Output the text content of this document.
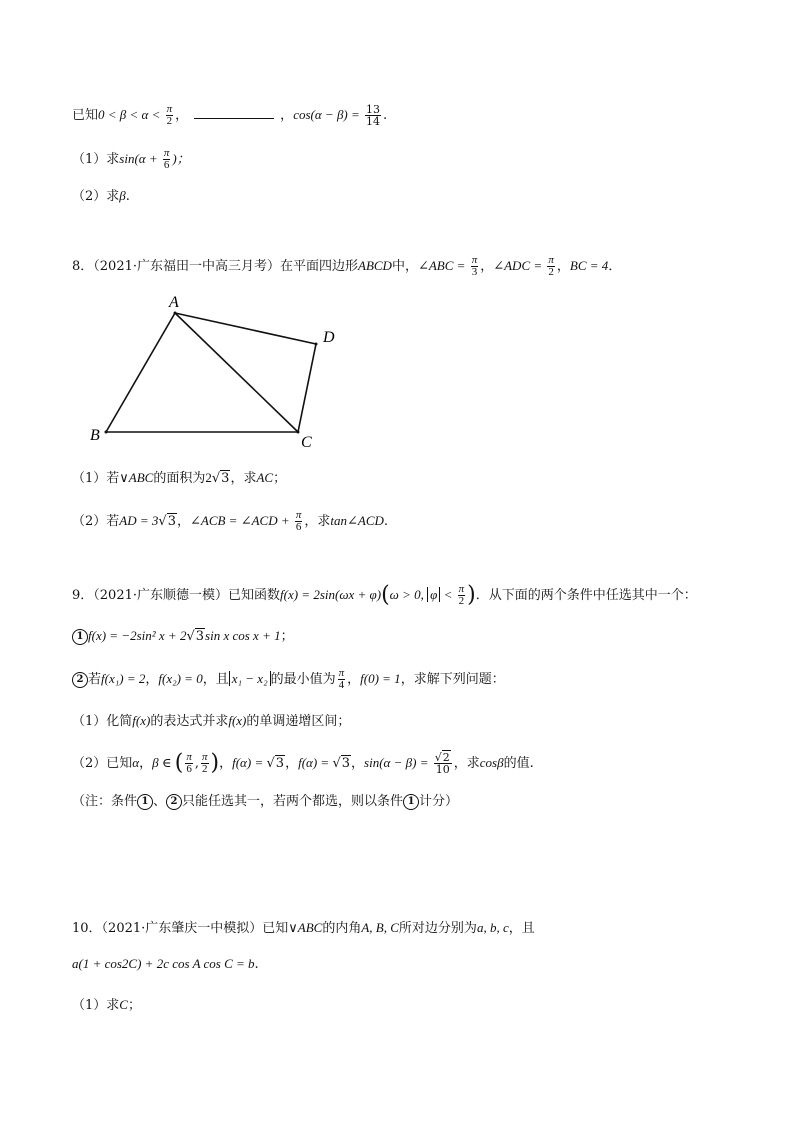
已知$0 < \beta < \alpha < \frac{\pi}{2}$ ，	，$\cos(\alpha - \beta) = \frac{13}{14}$ .
（1）求$\sin(\alpha + \frac{\pi}{6}$ )；
（2）求β.
8．（2021·广东福田一中高三月考）在平面四边形ABCD中，∠ABC = $\frac{\pi}{3}$ ，∠ADC = $\frac{\pi}{2}$ ，BC = 4．
A
B	C
D
（1）若∨ABC的面积为2√3，求AC；
（2）若AD = 3√3，∠ACB = ∠ACD + $\frac{\pi}{6}$ ，求tan∠ACD.
9．（2021·广东顺德一模）已知函数f(x) = 2sin(ωx + φ)(ω > 0, $\varphi < \frac{\pi}{2}$ )．从下面的两个条件中任选其中一个：
1 f(x) = −2sin² x + 2√3sin x cos x + 1；
2 若f(x₁) = 2，f(x₂) = 0，且 x₁ − x₂ 的最小值为 $\frac{\pi}{4}$ ，f(0) = 1，求解下列问题：
（1）化简f(x)的表达式并求f(x)的单调递增区间；
（2）已知α，β ∈ ( $\frac{\pi}{6}$ , $\frac{\pi}{2}$ )，f(α) = √3，f(α) = √3，$\sin(\alpha - \beta) = \frac{√2}{10}$ ，求cosβ的值.
（注：条件 1 、 2 只能任选其一，若两个都选，则以条件 1 计分）
10．（2021·广东肇庆一中模拟）已知∨ABC的内角A, B, C所对边分别为a, b, c，且
a(1 + cos2C) + 2c cos A cos C = b.
（1）求C；
